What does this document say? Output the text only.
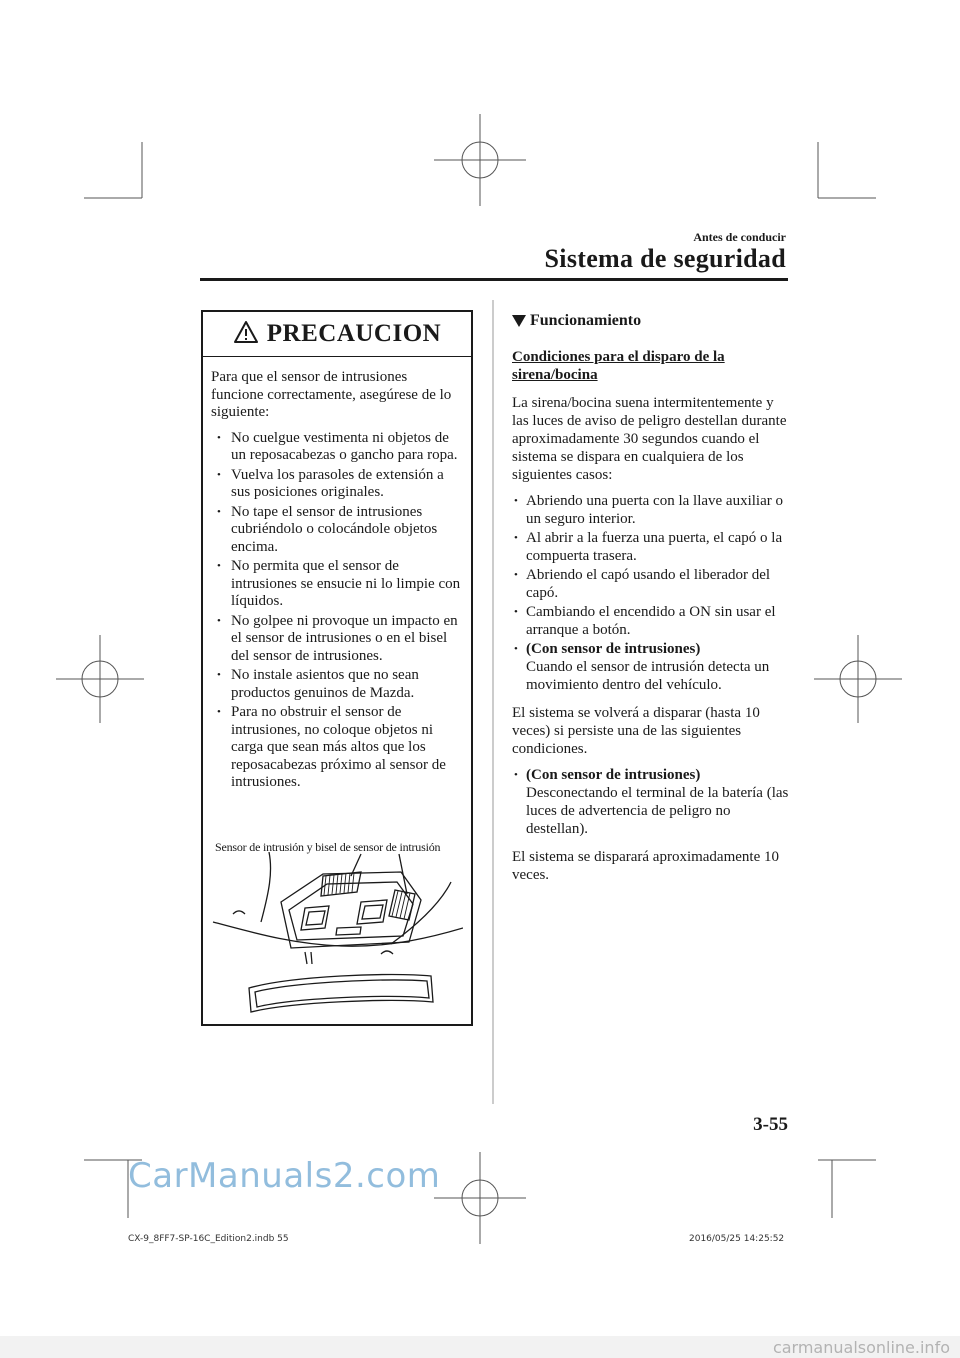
Antes de conducir
Sistema de seguridad
PRECAUCION

Para que el sensor de intrusiones funcione correctamente, asegúrese de lo siguiente:

• No cuelgue vestimenta ni objetos de un reposacabezas o gancho para ropa.
• Vuelva los parasoles de extensión a sus posiciones originales.
• No tape el sensor de intrusiones cubriéndolo o colocándole objetos encima.
• No permita que el sensor de intrusiones se ensucie ni lo limpie con líquidos.
• No golpee ni provoque un impacto en el sensor de intrusiones o en el bisel del sensor de intrusiones.
• No instale asientos que no sean productos genuinos de Mazda.
• Para no obstruir el sensor de intrusiones, no coloque objetos ni carga que sean más altos que los reposacabezas próximo al sensor de intrusiones.
Sensor de intrusión y bisel de sensor de intrusión
Funcionamiento

Condiciones para el disparo de la sirena/bocina

La sirena/bocina suena intermitentemente y las luces de aviso de peligro destellan durante aproximadamente 30 segundos cuando el sistema se dispara en cualquiera de los siguientes casos:

• Abriendo una puerta con la llave auxiliar o un seguro interior.
• Al abrir a la fuerza una puerta, el capó o la compuerta trasera.
• Abriendo el capó usando el liberador del capó.
• Cambiando el encendido a ON sin usar el arranque a botón.
• (Con sensor de intrusiones)
Cuando el sensor de intrusión detecta un movimiento dentro del vehículo.

El sistema se volverá a disparar (hasta 10 veces) si persiste una de las siguientes condiciones.

• (Con sensor de intrusiones)
Desconectando el terminal de la batería (las luces de advertencia de peligro no destellan).

El sistema se disparará aproximadamente 10 veces.

3-55
CarManuals2.com
CX-9_8FF7-SP-16C_Edition2.indb 55	2016/05/25 14:25:52
carmanualsonline.info
